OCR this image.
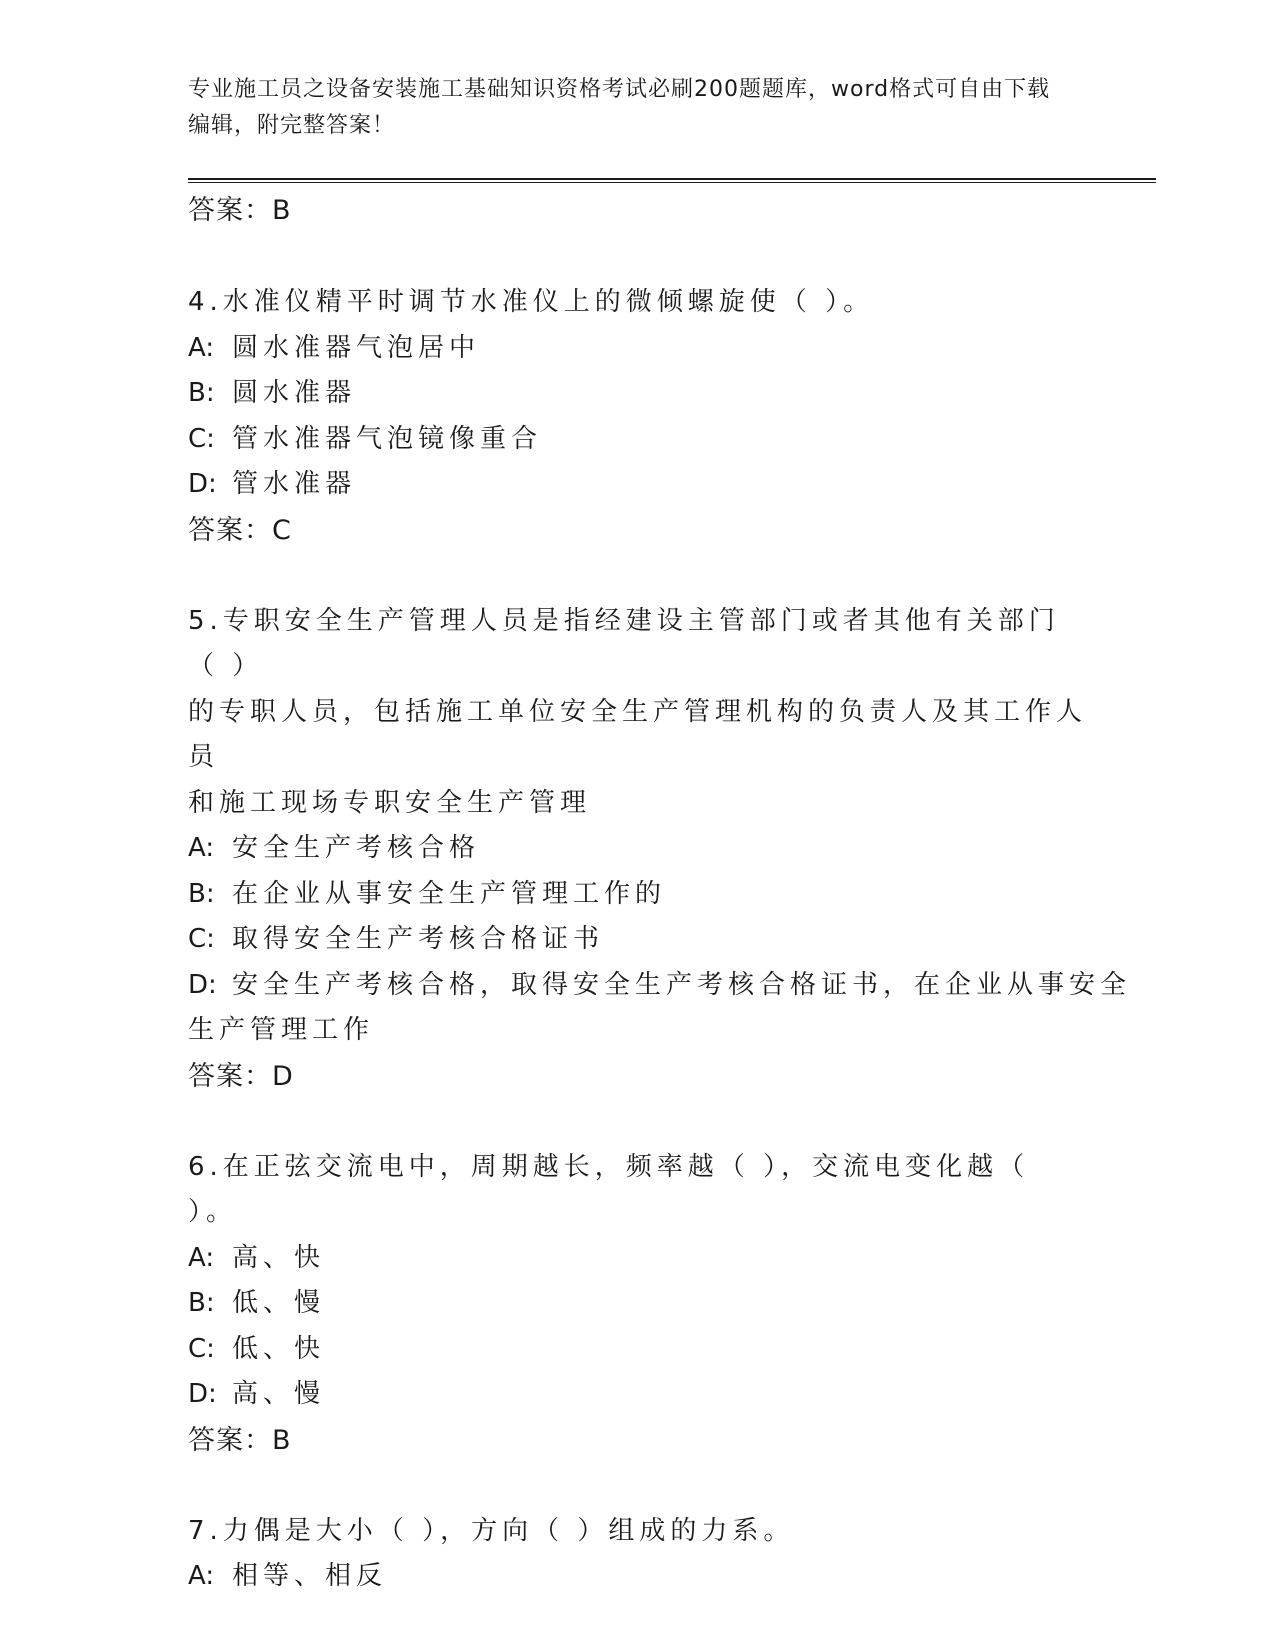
专业施工员之设备安装施工基础知识资格考试必刷200题题库，word格式可自由下载编辑，附完整答案！
答案：B
4.水准仪精平时调节水准仪上的微倾螺旋使（ ）。
A: 圆水准器气泡居中
B: 圆水准器
C: 管水准器气泡镜像重合
D: 管水准器
答案：C
5.专职安全生产管理人员是指经建设主管部门或者其他有关部门（ ）
的专职人员，包括施工单位安全生产管理机构的负责人及其工作人员
和施工现场专职安全生产管理
A: 安全生产考核合格
B: 在企业从事安全生产管理工作的
C: 取得安全生产考核合格证书
D: 安全生产考核合格，取得安全生产考核合格证书，在企业从事安全
生产管理工作
答案：D
6.在正弦交流电中，周期越长，频率越（ ），交流电变化越（ ）。
A: 高、快
B: 低、慢
C: 低、快
D: 高、慢
答案：B
7.力偶是大小（ ），方向（ ）组成的力系。
A: 相等、相反
